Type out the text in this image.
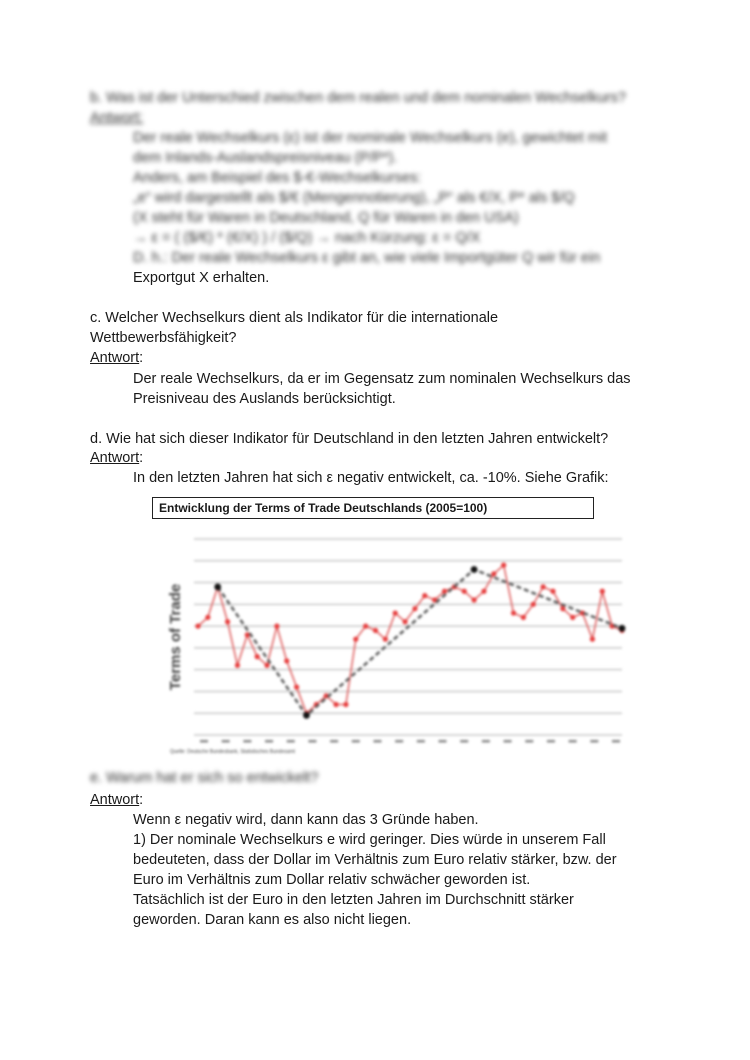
b. Was ist der Unterschied zwischen dem realen und dem nominalen Wechselkurs?
Antwort:
Der reale Wechselkurs (ε) ist der nominale Wechselkurs (e), gewichtet mit
dem Inlands-Auslandspreisniveau (P/P*).
Anders, am Beispiel des $-€-Wechselkurses:
„e“ wird dargestellt als $/€ (Mengennotierung), „P“ als €/X, P* als $/Q
(X steht für Waren in Deutschland, Q für Waren in den USA)
→ ε = ( ($/€) * (€/X) ) / ($/Q) → nach Kürzung: ε = Q/X
D. h.: Der reale Wechselkurs ε gibt an, wie viele Importgüter Q wir für ein
Exportgut X erhalten.
c. Welcher Wechselkurs dient als Indikator für die internationale
Wettbewerbsfähigkeit?
Antwort:
Der reale Wechselkurs, da er im Gegensatz zum nominalen Wechselkurs das
Preisniveau des Auslands berücksichtigt.
d. Wie hat sich dieser Indikator für Deutschland in den letzten Jahren entwickelt?
Antwort:
In den letzten Jahren hat sich ε negativ entwickelt, ca. -10%. Siehe Grafik:
Entwicklung der Terms of Trade Deutschlands (2005=100)
Terms of Trade
Quelle: Deutsche Bundesbank, Statistisches Bundesamt
e. Warum hat er sich so entwickelt?
Antwort:
Wenn ε negativ wird, dann kann das 3 Gründe haben.
1) Der nominale Wechselkurs e wird geringer. Dies würde in unserem Fall
bedeuteten, dass der Dollar im Verhältnis zum Euro relativ stärker, bzw. der
Euro im Verhältnis zum Dollar relativ schwächer geworden ist.
Tatsächlich ist der Euro in den letzten Jahren im Durchschnitt stärker
geworden. Daran kann es also nicht liegen.
